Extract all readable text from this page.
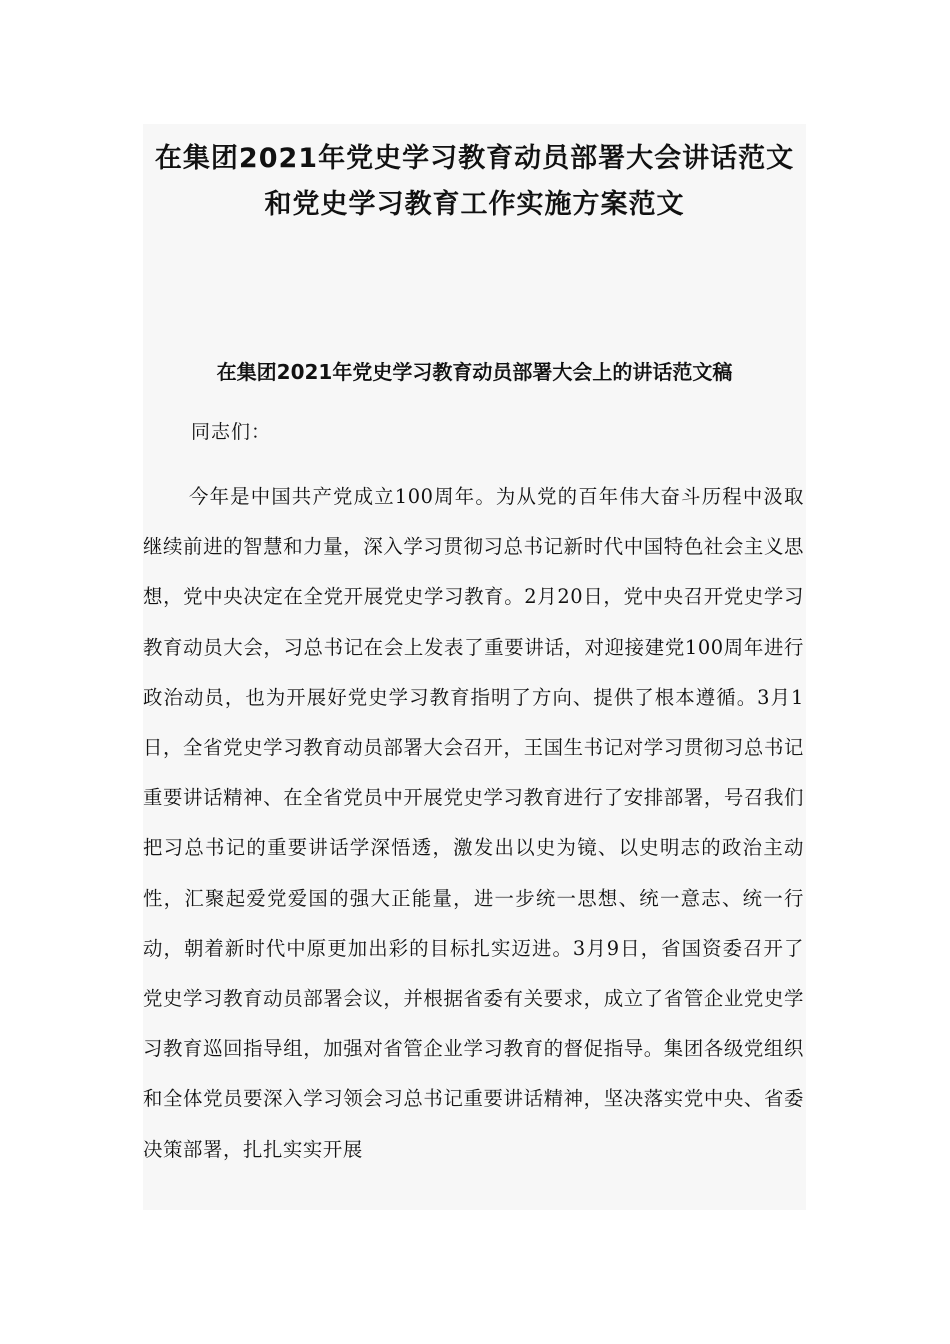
在集团2021年党史学习教育动员部署大会讲话范文
和党史学习教育工作实施方案范文
在集团2021年党史学习教育动员部署大会上的讲话范文稿
同志们：

今年是中国共产党成立100周年。为从党的百年伟大奋斗历程中汲取继续前进的智慧和力量，深入学习贯彻习总书记新时代中国特色社会主义思想，党中央决定在全党开展党史学习教育。2月20日，党中央召开党史学习教育动员大会，习总书记在会上发表了重要讲话，对迎接建党100周年进行政治动员，也为开展好党史学习教育指明了方向、提供了根本遵循。3月1日，全省党史学习教育动员部署大会召开，王国生书记对学习贯彻习总书记重要讲话精神、在全省党员中开展党史学习教育进行了安排部署，号召我们把习总书记的重要讲话学深悟透，激发出以史为镜、以史明志的政治主动性，汇聚起爱党爱国的强大正能量，进一步统一思想、统一意志、统一行动，朝着新时代中原更加出彩的目标扎实迈进。3月9日，省国资委召开了党史学习教育动员部署会议，并根据省委有关要求，成立了省管企业党史学习教育巡回指导组，加强对省管企业学习教育的督促指导。集团各级党组织和全体党员要深入学习领会习总书记重要讲话精神，坚决落实党中央、省委决策部署，扎扎实实开展
